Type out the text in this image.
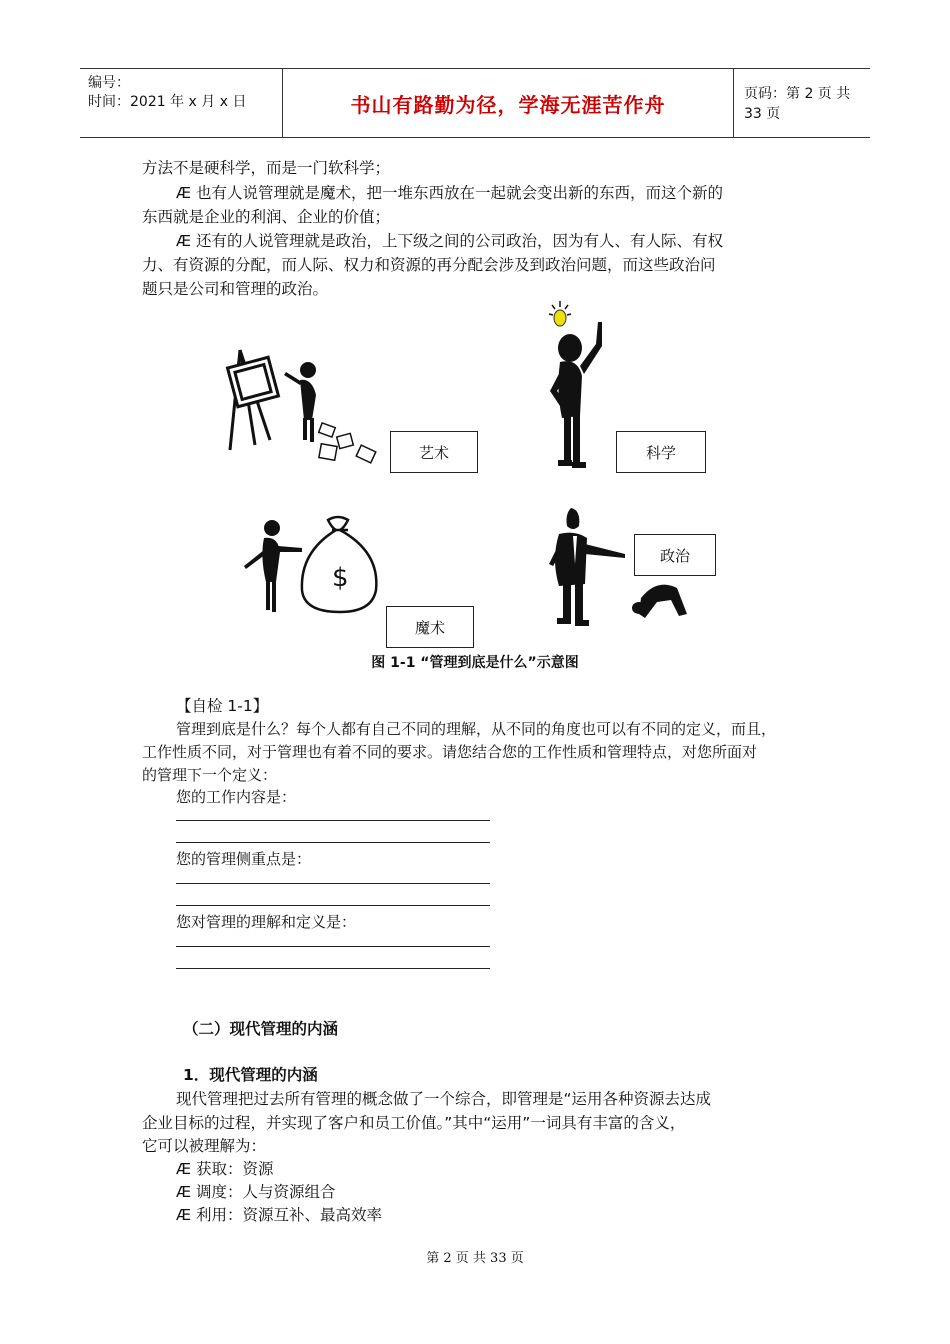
编号：
时间：2021 年 x 月 x 日	书山有路勤为径，学海无涯苦作舟	页码：第 2 页 共 33 页
方法不是硬科学，而是一门软科学；
Æ 也有人说管理就是魔术，把一堆东西放在一起就会变出新的东西，而这个新的
东西就是企业的利润、企业的价值；
Æ 还有的人说管理就是政治，上下级之间的公司政治，因为有人、有人际、有权
力、有资源的分配，而人际、权力和资源的再分配会涉及到政治问题，而这些政治问
题只是公司和管理的政治。
艺术	科学
$
魔术
政治
图 1-1 “管理到底是什么”示意图
【自检 1-1】
管理到底是什么？每个人都有自己不同的理解，从不同的角度也可以有不同的定义，而且，
工作性质不同，对于管理也有着不同的要求。请您结合您的工作性质和管理特点，对您所面对
的管理下一个定义：
您的工作内容是：
您的管理侧重点是：
您对管理的理解和定义是：
（二）现代管理的内涵
1．现代管理的内涵
现代管理把过去所有管理的概念做了一个综合，即管理是“运用各种资源去达成
企业目标的过程，并实现了客户和员工价值。”其中“运用”一词具有丰富的含义，
它可以被理解为：
Æ 获取：资源
Æ 调度：人与资源组合
Æ 利用：资源互补、最高效率
第 2 页 共 33 页
